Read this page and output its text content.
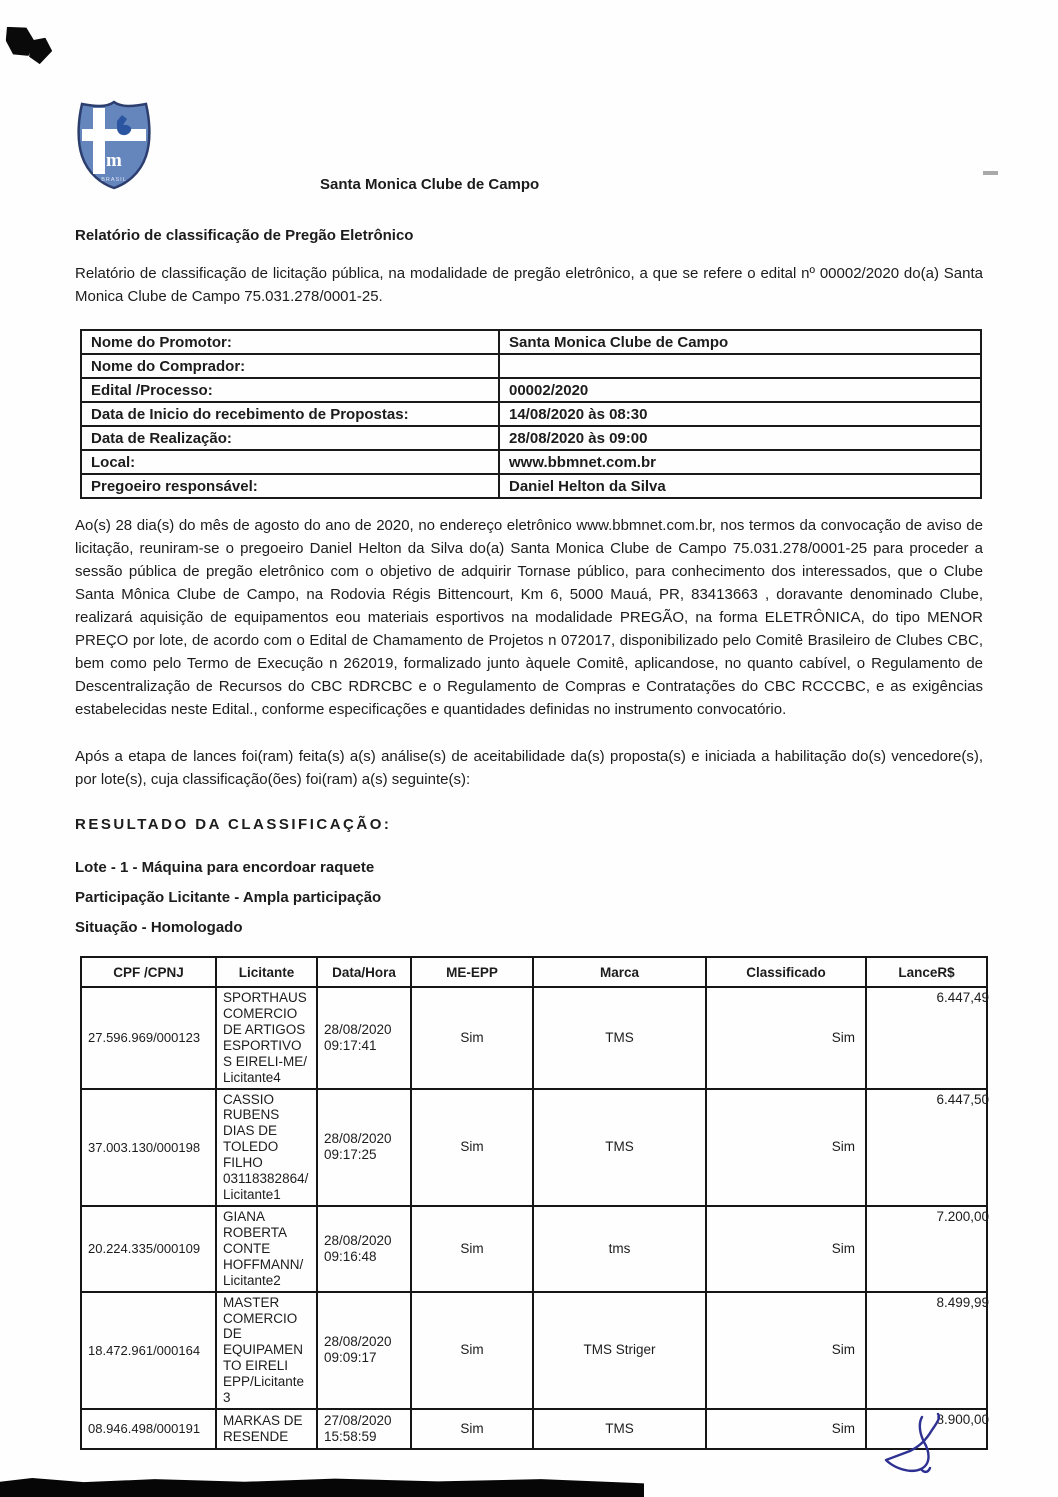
m
BRASIL	Santa Monica Clube de Campo
Relatório de classificação de Pregão Eletrônico

Relatório de classificação de licitação pública, na modalidade de pregão eletrônico, a que se refere o edital nº 00002/2020 do(a) Santa Monica Clube de Campo 75.031.278/0001-25.

Nome do Promotor:	Santa Monica Clube de Campo
Nome do Comprador:	
Edital /Processo:	00002/2020
Data de Inicio do recebimento de Propostas:	14/08/2020 às 08:30
Data de Realização:	28/08/2020 às 09:00
Local:	www.bbmnet.com.br
Pregoeiro responsável:	Daniel Helton da Silva

Ao(s) 28 dia(s) do mês de agosto do ano de 2020, no endereço eletrônico www.bbmnet.com.br, nos termos da convocação de aviso de licitação, reuniram-se o pregoeiro Daniel Helton da Silva do(a) Santa Monica Clube de Campo 75.031.278/0001-25 para proceder a sessão pública de pregão eletrônico com o objetivo de adquirir Tornase público, para conhecimento dos interessados, que o Clube Santa Mônica Clube de Campo, na Rodovia Régis Bittencourt, Km 6, 5000 Mauá, PR, 83413663 , doravante denominado Clube, realizará aquisição de equipamentos eou materiais esportivos na modalidade PREGÃO, na forma ELETRÔNICA, do tipo MENOR PREÇO por lote, de acordo com o Edital de Chamamento de Projetos n 072017, disponibilizado pelo Comitê Brasileiro de Clubes CBC, bem como pelo Termo de Execução n 262019, formalizado junto àquele Comitê, aplicandose, no quanto cabível, o Regulamento de Descentralização de Recursos do CBC RDRCBC e o Regulamento de Compras e Contratações do CBC RCCCBC, e as exigências estabelecidas neste Edital., conforme especificações e quantidades definidas no instrumento convocatório.

Após a etapa de lances foi(ram) feita(s) a(s) análise(s) de aceitabilidade da(s) proposta(s) e iniciada a habilitação do(s) vencedore(s), por lote(s), cuja classificação(ões) foi(ram) a(s) seguinte(s):

RESULTADO DA CLASSIFICAÇÃO:
Lote - 1 - Máquina para encordoar raquete
Participação Licitante - Ampla participação
Situação - Homologado
CPF /CPNJ	Licitante	Data/Hora	ME-EPP	Marca	Classificado	LanceR$
27.596.969/000123	SPORTHAUS COMERCIO DE ARTIGOS ESPORTIVOS EIRELI-ME/ Licitante4	28/08/2020 09:17:41	Sim	TMS	Sim	6.447,49
37.003.130/000198	CASSIO RUBENS DIAS DE TOLEDO FILHO 03118382864/ Licitante1	28/08/2020 09:17:25	Sim	TMS	Sim	6.447,50
20.224.335/000109	GIANA ROBERTA CONTE HOFFMANN/ Licitante2	28/08/2020 09:16:48	Sim	tms	Sim	7.200,00
18.472.961/000164	MASTER COMERCIO DE EQUIPAMENTO EIRELI EPP/Licitante 3	28/08/2020 09:09:17	Sim	TMS Striger	Sim	8.499,99
08.946.498/000191	MARKAS DE RESENDE	27/08/2020 15:58:59	Sim	TMS	Sim	8.900,00
